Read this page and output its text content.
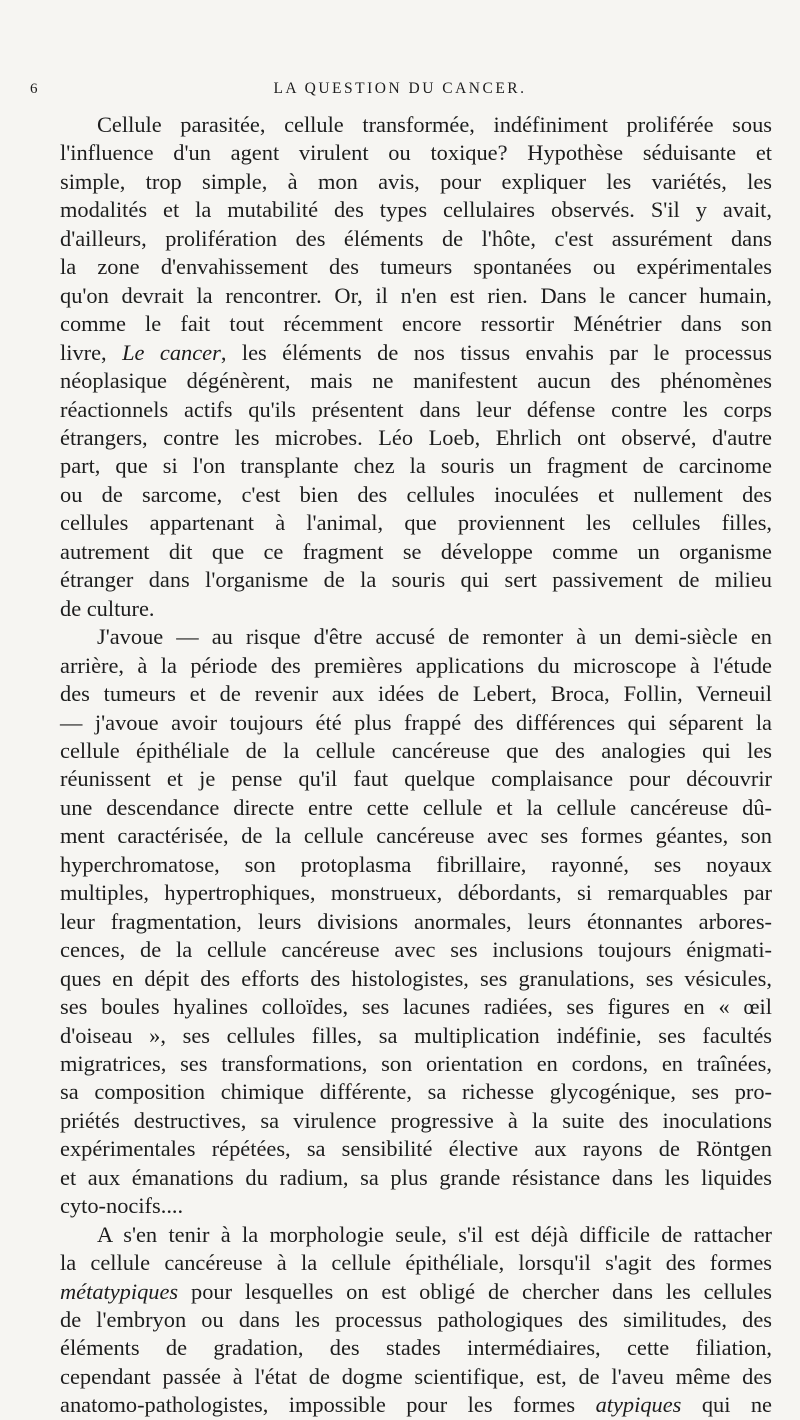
6	LA QUESTION DU CANCER.
Cellule parasitée, cellule transformée, indéfiniment proliférée sous
l'influence d'un agent virulent ou toxique? Hypothèse séduisante et
simple, trop simple, à mon avis, pour expliquer les variétés, les
modalités et la mutabilité des types cellulaires observés. S'il y avait,
d'ailleurs, prolifération des éléments de l'hôte, c'est assurément dans
la zone d'envahissement des tumeurs spontanées ou expérimentales
qu'on devrait la rencontrer. Or, il n'en est rien. Dans le cancer humain,
comme le fait tout récemment encore ressortir Ménétrier dans son
livre, Le cancer, les éléments de nos tissus envahis par le processus
néoplasique dégénèrent, mais ne manifestent aucun des phénomènes
réactionnels actifs qu'ils présentent dans leur défense contre les corps
étrangers, contre les microbes. Léo Loeb, Ehrlich ont observé, d'autre
part, que si l'on transplante chez la souris un fragment de carcinome
ou de sarcome, c'est bien des cellules inoculées et nullement des
cellules appartenant à l'animal, que proviennent les cellules filles,
autrement dit que ce fragment se développe comme un organisme
étranger dans l'organisme de la souris qui sert passivement de milieu
de culture.
J'avoue — au risque d'être accusé de remonter à un demi-siècle en
arrière, à la période des premières applications du microscope à l'étude
des tumeurs et de revenir aux idées de Lebert, Broca, Follin, Verneuil
— j'avoue avoir toujours été plus frappé des différences qui séparent la
cellule épithéliale de la cellule cancéreuse que des analogies qui les
réunissent et je pense qu'il faut quelque complaisance pour découvrir
une descendance directe entre cette cellule et la cellule cancéreuse dû-
ment caractérisée, de la cellule cancéreuse avec ses formes géantes, son
hyperchromatose, son protoplasma fibrillaire, rayonné, ses noyaux
multiples, hypertrophiques, monstrueux, débordants, si remarquables par
leur fragmentation, leurs divisions anormales, leurs étonnantes arbores-
cences, de la cellule cancéreuse avec ses inclusions toujours énigmati-
ques en dépit des efforts des histologistes, ses granulations, ses vésicules,
ses boules hyalines colloïdes, ses lacunes radiées, ses figures en « œil
d'oiseau », ses cellules filles, sa multiplication indéfinie, ses facultés
migratrices, ses transformations, son orientation en cordons, en traînées,
sa composition chimique différente, sa richesse glycogénique, ses pro-
priétés destructives, sa virulence progressive à la suite des inoculations
expérimentales répétées, sa sensibilité élective aux rayons de Röntgen
et aux émanations du radium, sa plus grande résistance dans les liquides
cyto-nocifs....
A s'en tenir à la morphologie seule, s'il est déjà difficile de rattacher
la cellule cancéreuse à la cellule épithéliale, lorsqu'il s'agit des formes
métatypiques pour lesquelles on est obligé de chercher dans les cellules
de l'embryon ou dans les processus pathologiques des similitudes, des
éléments de gradation, des stades intermédiaires, cette filiation,
cependant passée à l'état de dogme scientifique, est, de l'aveu même des
anatomo-pathologistes, impossible pour les formes atypiques qui ne
